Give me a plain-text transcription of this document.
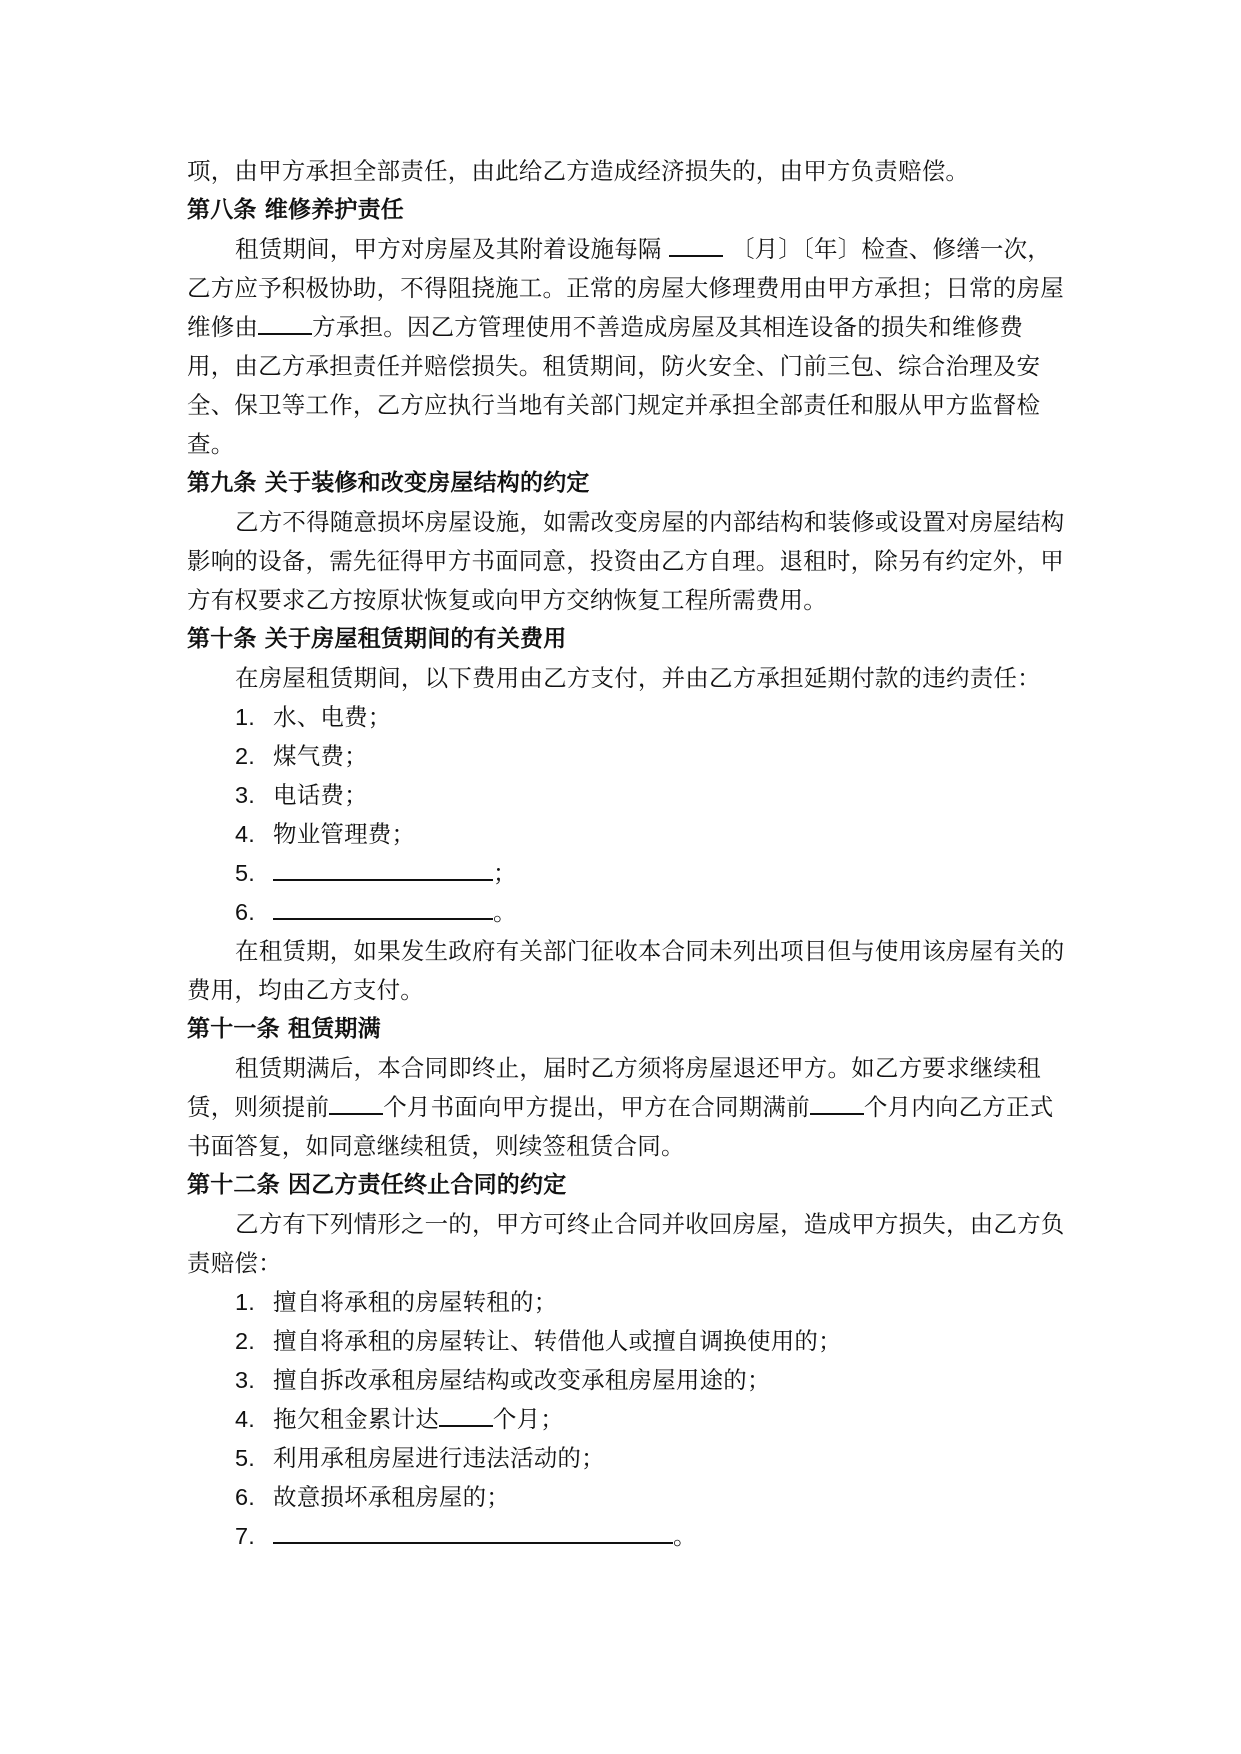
项，由甲方承担全部责任，由此给乙方造成经济损失的，由甲方负责赔偿。

第八条 维修养护责任

租赁期间，甲方对房屋及其附着设施每隔	〔月〕〔年〕检查、修缮一次，乙方应予积极协助，不得阻挠施工。正常的房屋大修理费用由甲方承担；日常的房屋维修由 方承担。因乙方管理使用不善造成房屋及其相连设备的损失和维修费用，由乙方承担责任并赔偿损失。租赁期间，防火安全、门前三包、综合治理及安全、保卫等工作，乙方应执行当地有关部门规定并承担全部责任和服从甲方监督检查。

第九条 关于装修和改变房屋结构的约定

乙方不得随意损坏房屋设施，如需改变房屋的内部结构和装修或设置对房屋结构影响的设备，需先征得甲方书面同意，投资由乙方自理。退租时，除另有约定外，甲方有权要求乙方按原状恢复或向甲方交纳恢复工程所需费用。

第十条 关于房屋租赁期间的有关费用

在房屋租赁期间，以下费用由乙方支付，并由乙方承担延期付款的违约责任：

1. 水、电费；

2. 煤气费；

3. 电话费；

4. 物业管理费；

5.	；

6.	。

在租赁期，如果发生政府有关部门征收本合同未列出项目但与使用该房屋有关的费用，均由乙方支付。

第十一条 租赁期满

租赁期满后，本合同即终止，届时乙方须将房屋退还甲方。如乙方要求继续租赁，则须提前 个月书面向甲方提出，甲方在合同期满前 个月内向乙方正式书面答复，如同意继续租赁，则续签租赁合同。

第十二条 因乙方责任终止合同的约定

乙方有下列情形之一的，甲方可终止合同并收回房屋，造成甲方损失，由乙方负责赔偿：

1. 擅自将承租的房屋转租的；

2. 擅自将承租的房屋转让、转借他人或擅自调换使用的；

3. 擅自拆改承租房屋结构或改变承租房屋用途的；

4. 拖欠租金累计达 个月；

5. 利用承租房屋进行违法活动的；

6. 故意损坏承租房屋的；

7.	。
